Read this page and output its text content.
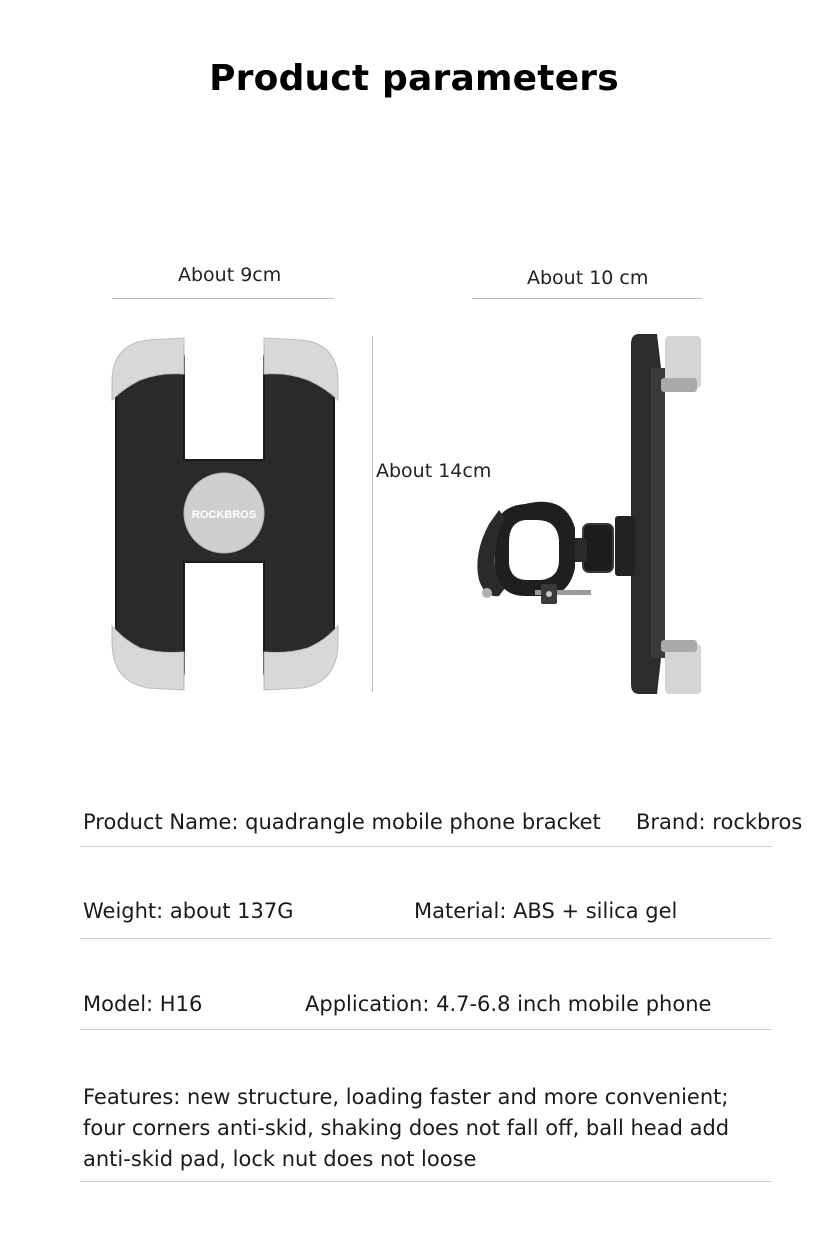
Product parameters
About 9cm	About 10 cm
About 14cm
ROCKBROS
Product Name: quadrangle mobile phone bracket Brand: rockbros
Weight: about 137G	Material: ABS + silica gel
Model: H16	Application: 4.7-6.8 inch mobile phone
Features: new structure, loading faster and more convenient;
four corners anti-skid, shaking does not fall off, ball head add
anti-skid pad, lock nut does not loose
